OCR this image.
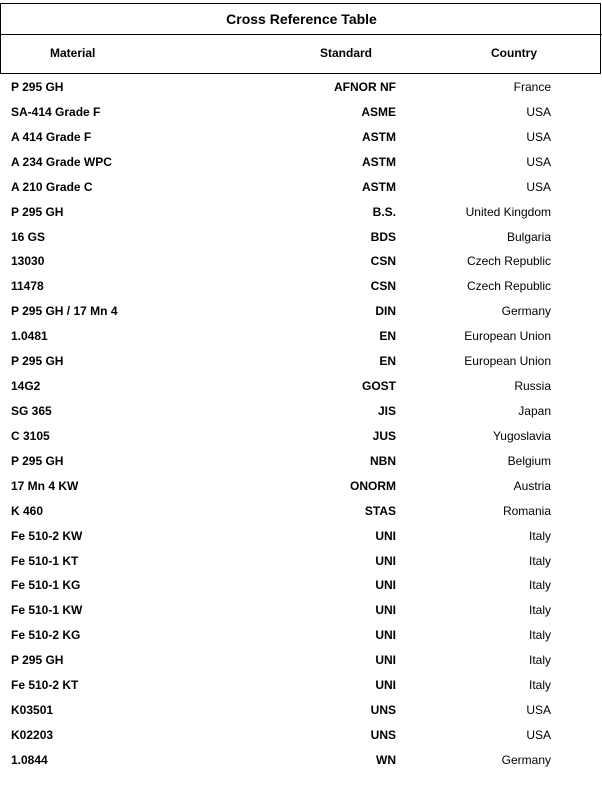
Cross Reference Table
Material	Standard	Country
P 295 GH	AFNOR NF	France
SA-414 Grade F	ASME	USA
A 414 Grade F	ASTM	USA
A 234 Grade WPC	ASTM	USA
A 210 Grade C	ASTM	USA
P 295 GH	B.S.	United Kingdom
16 GS	BDS	Bulgaria
13030	CSN	Czech Republic
11478	CSN	Czech Republic
P 295 GH / 17 Mn 4	DIN	Germany
1.0481	EN	European Union
P 295 GH	EN	European Union
14G2	GOST	Russia
SG 365	JIS	Japan
C 3105	JUS	Yugoslavia
P 295 GH	NBN	Belgium
17 Mn 4 KW	ONORM	Austria
K 460	STAS	Romania
Fe 510-2 KW	UNI	Italy
Fe 510-1 KT	UNI	Italy
Fe 510-1 KG	UNI	Italy
Fe 510-1 KW	UNI	Italy
Fe 510-2 KG	UNI	Italy
P 295 GH	UNI	Italy
Fe 510-2 KT	UNI	Italy
K03501	UNS	USA
K02203	UNS	USA
1.0844	WN	Germany
